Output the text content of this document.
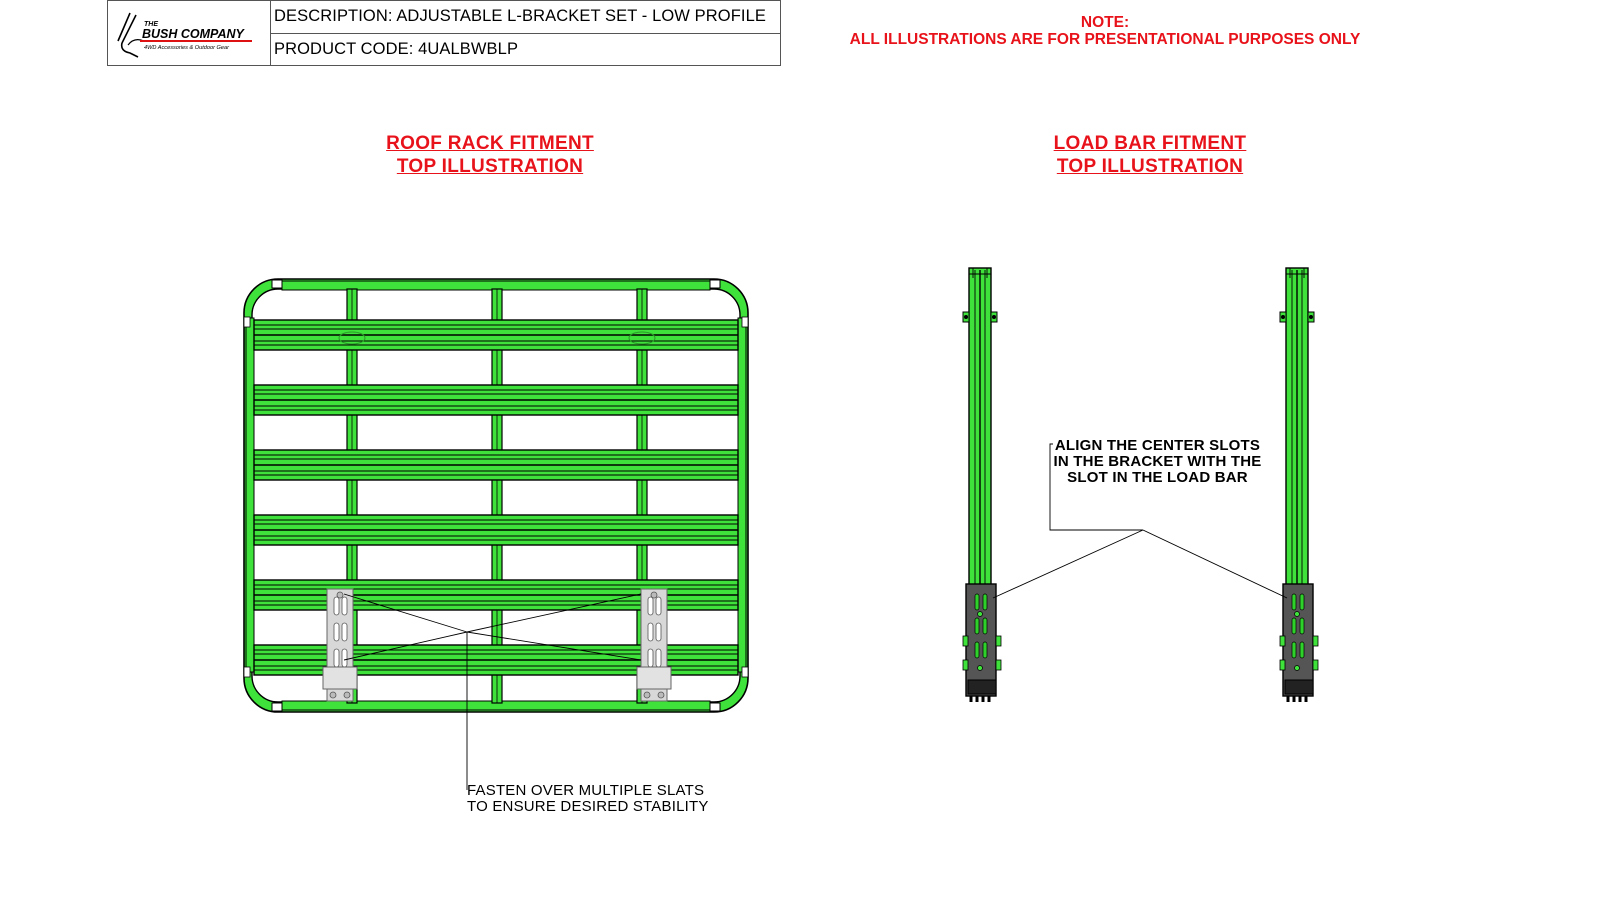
THE
BUSH COMPANY
4WD Accessories & Outdoor Gear
DESCRIPTION: ADJUSTABLE L-BRACKET SET - LOW PROFILE
PRODUCT CODE: 4UALBWBLP
NOTE:
ALL ILLUSTRATIONS ARE FOR PRESENTATIONAL PURPOSES ONLY
ROOF RACK FITMENT
TOP ILLUSTRATION
LOAD BAR FITMENT
TOP ILLUSTRATION
FASTEN OVER MULTIPLE SLATS
TO ENSURE DESIRED STABILITY
ALIGN THE CENTER SLOTS
IN THE BRACKET WITH THE
SLOT IN THE LOAD BAR
